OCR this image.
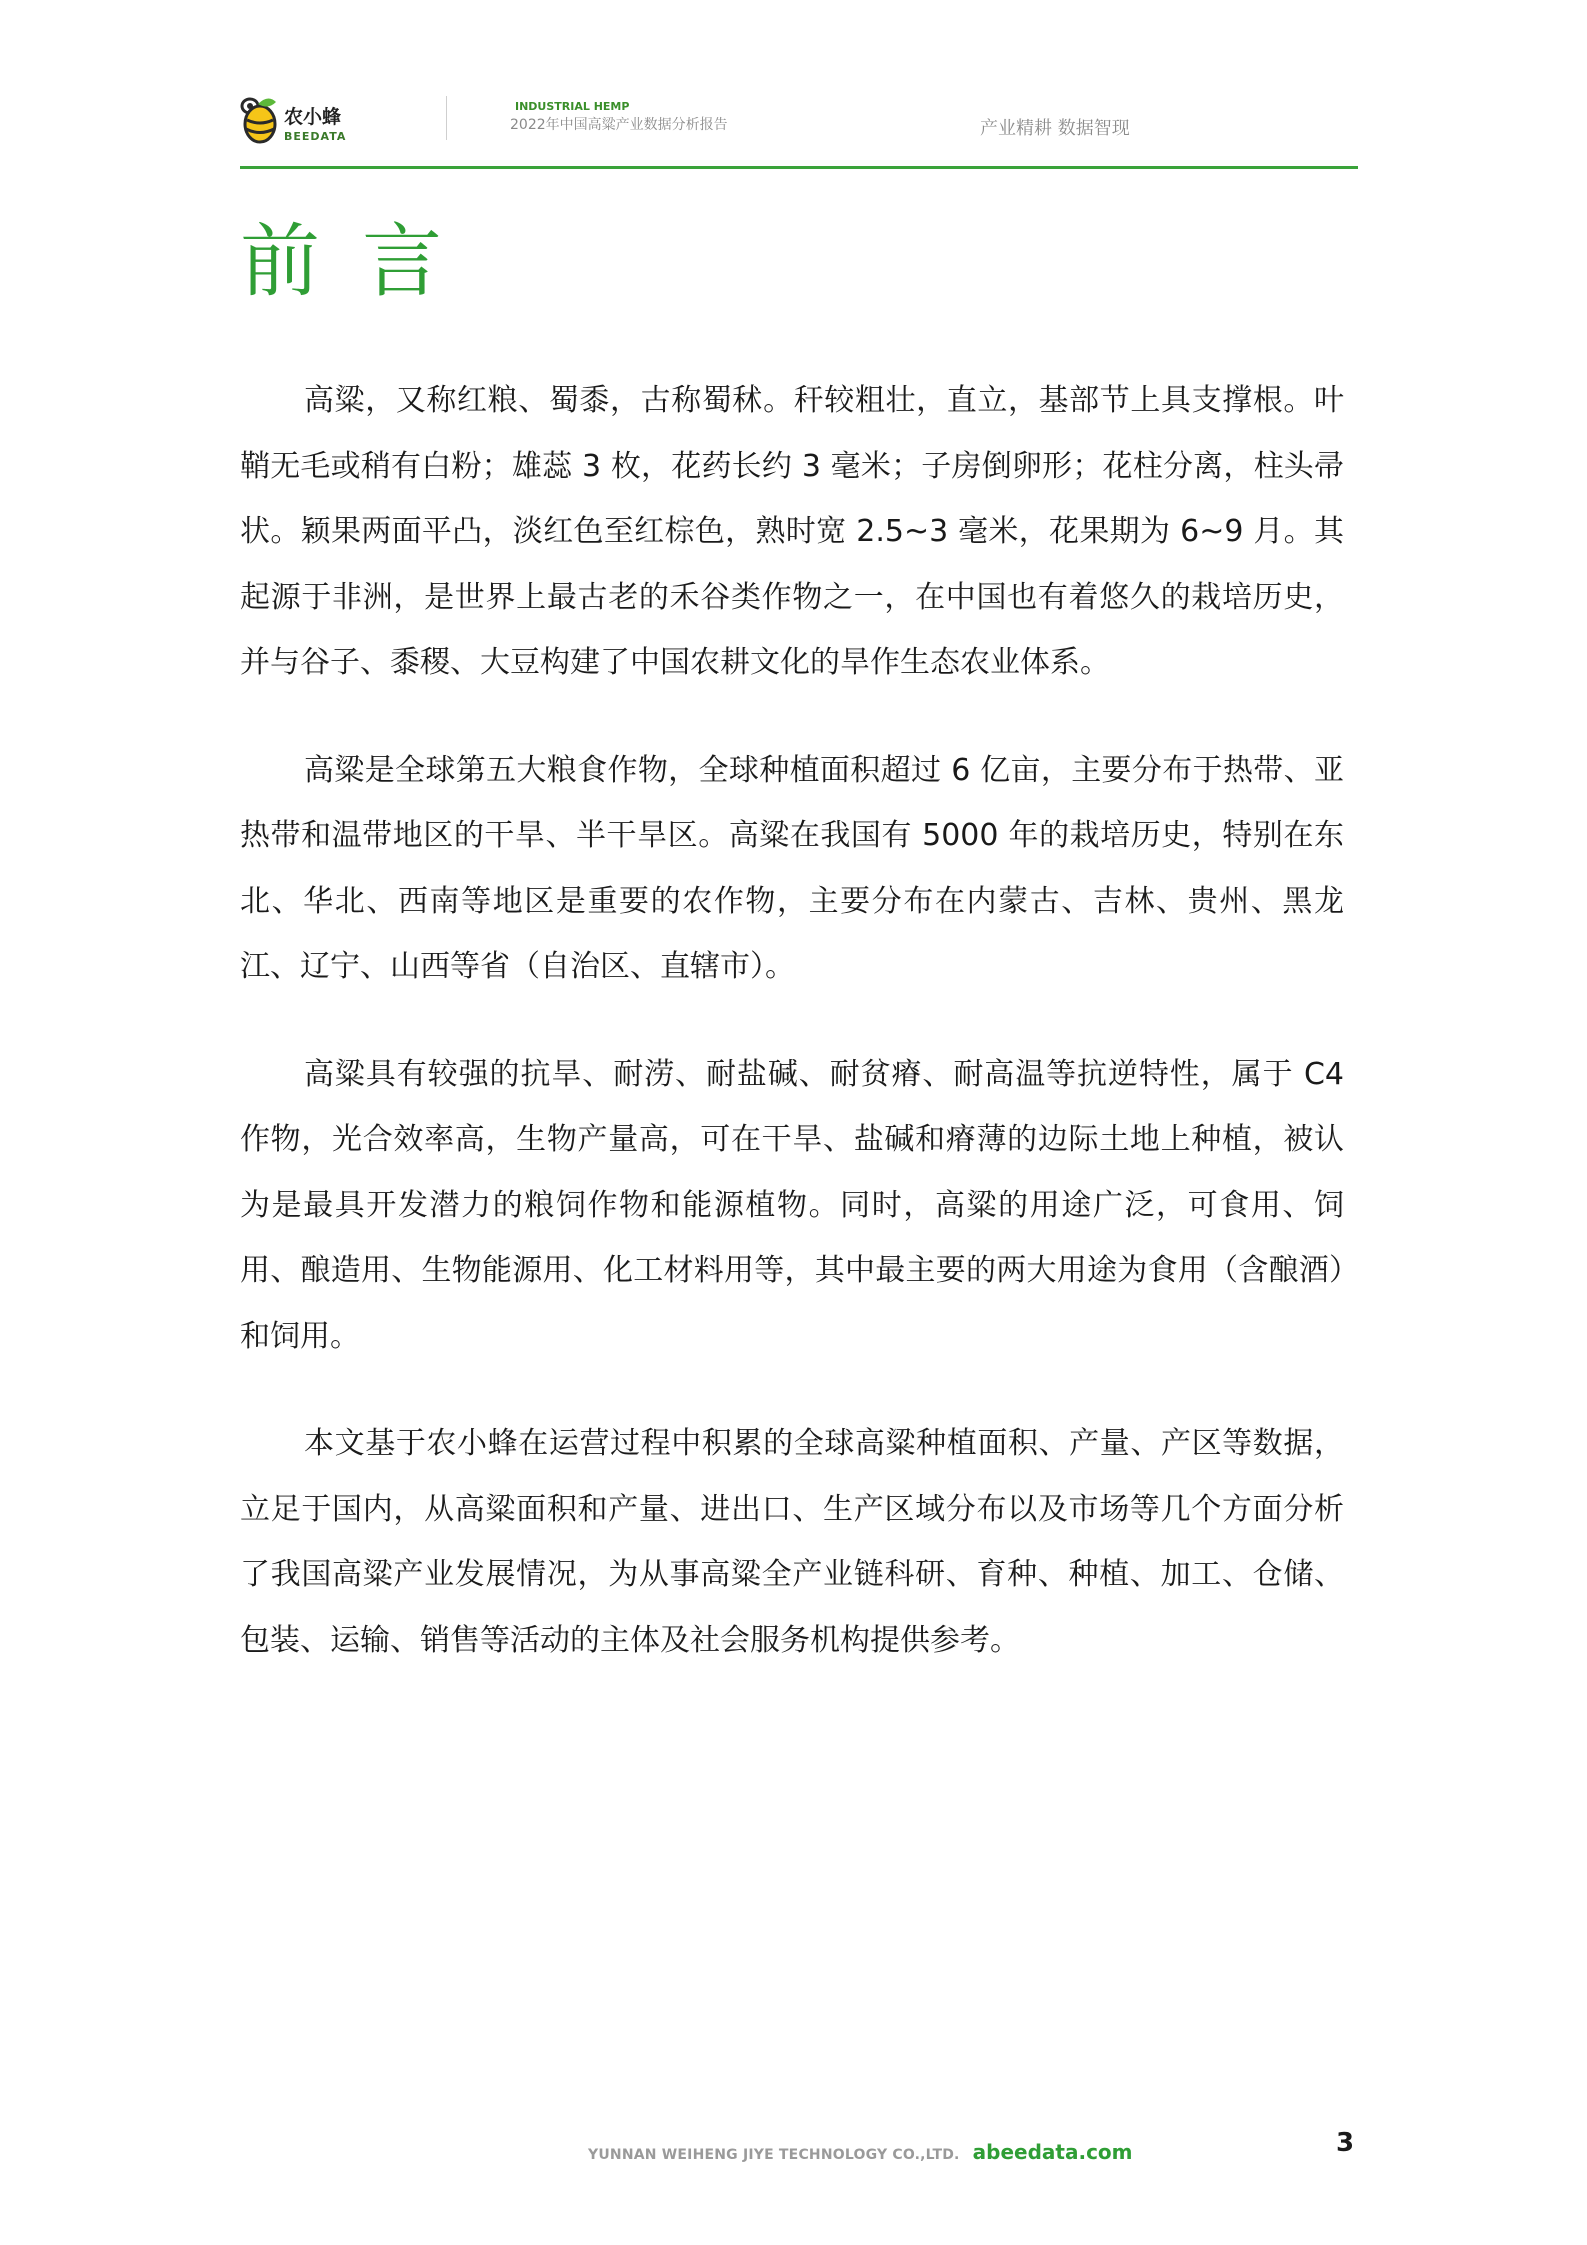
农小蜂
BEEDATA
INDUSTRIAL HEMP
2022年中国高粱产业数据分析报告	产业精耕 数据智现
前言

高粱，又称红粮、蜀黍，古称蜀秫。秆较粗壮，直立，基部节上具支撑根。叶鞘无毛或稍有白粉；雄蕊 3 枚，花药长约 3 毫米；子房倒卵形；花柱分离，柱头帚状。颖果两面平凸，淡红色至红棕色，熟时宽 2.5~3 毫米，花果期为 6~9 月。其起源于非洲，是世界上最古老的禾谷类作物之一，在中国也有着悠久的栽培历史，并与谷子、黍稷、大豆构建了中国农耕文化的旱作生态农业体系。

高粱是全球第五大粮食作物，全球种植面积超过 6 亿亩，主要分布于热带、亚热带和温带地区的干旱、半干旱区。高粱在我国有 5000 年的栽培历史，特别在东北、华北、西南等地区是重要的农作物，主要分布在内蒙古、吉林、贵州、黑龙江、辽宁、山西等省（自治区、直辖市）。

高粱具有较强的抗旱、耐涝、耐盐碱、耐贫瘠、耐高温等抗逆特性，属于 C4 作物，光合效率高，生物产量高，可在干旱、盐碱和瘠薄的边际土地上种植，被认为是最具开发潜力的粮饲作物和能源植物。同时，高粱的用途广泛，可食用、饲用、酿造用、生物能源用、化工材料用等，其中最主要的两大用途为食用（含酿酒）和饲用。

本文基于农小蜂在运营过程中积累的全球高粱种植面积、产量、产区等数据，立足于国内，从高粱面积和产量、进出口、生产区域分布以及市场等几个方面分析了我国高粱产业发展情况，为从事高粱全产业链科研、育种、种植、加工、仓储、包装、运输、销售等活动的主体及社会服务机构提供参考。

YUNNAN WEIHENG JIYE TECHNOLOGY CO.,LTD. abeedata.com	3
